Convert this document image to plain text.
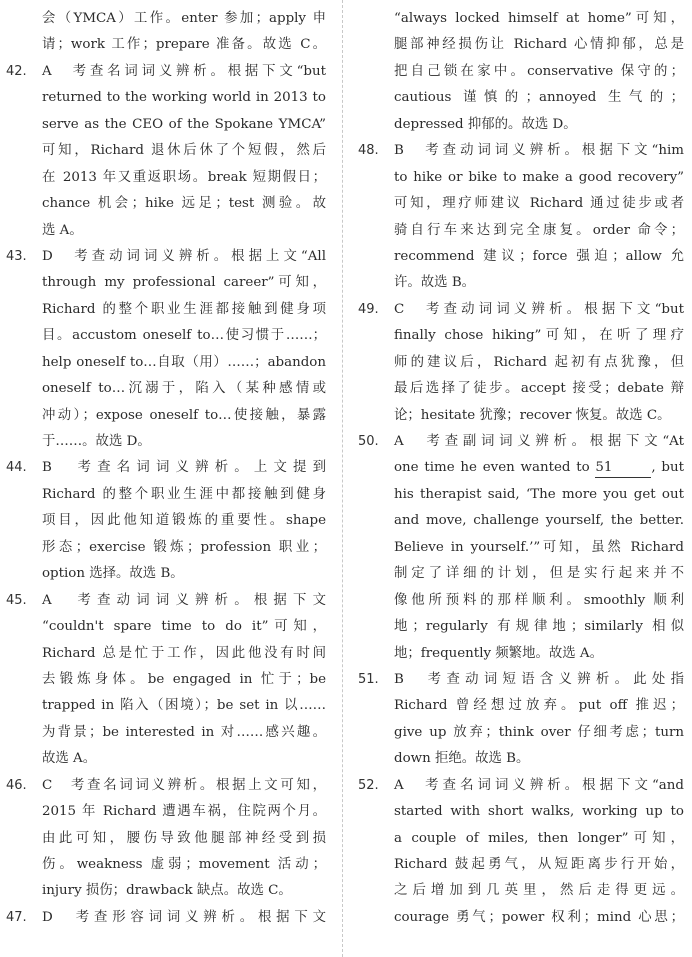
会（YMCA）工作。enter 参加；apply 申
请；work 工作；prepare 准备。故选 C。
42. A　考查名词词义辨析。根据下文“but
returned to the working world in 2013 to
serve as the CEO of the Spokane YMCA”
可知，Richard 退休后休了个短假，然后
在 2013 年又重返职场。break 短期假日；
chance 机会；hike 远足；test 测验。故
选 A。
43. D　考查动词词义辨析。根据上文“All
through my professional career”可知，
Richard 的整个职业生涯都接触到健身项
目。accustom oneself to…使习惯于……；
help oneself to…自取（用）……；abandon
oneself to…沉溺于，陷入（某种感情或
冲动）；expose oneself to…使接触，暴露
于……。故选 D。
44. B　考查名词词义辨析。上文提到
Richard 的整个职业生涯中都接触到健身
项目，因此他知道锻炼的重要性。shape
形态；exercise 锻炼；profession 职业；
option 选择。故选 B。
45. A　考查动词词义辨析。根据下文
“couldn't spare time to do it”可知，
Richard 总是忙于工作，因此他没有时间
去锻炼身体。be engaged in 忙于；be
trapped in 陷入（困境）；be set in 以……
为背景；be interested in 对……感兴趣。
故选 A。
46. C　考查名词词义辨析。根据上文可知，
2015 年 Richard 遭遇车祸，住院两个月。
由此可知，腰伤导致他腿部神经受到损
伤。weakness 虚弱；movement 活动；
injury 损伤；drawback 缺点。故选 C。
47. D　考查形容词词义辨析。根据下文
“always locked himself at home”可知，
腿部神经损伤让 Richard 心情抑郁，总是
把自己锁在家中。conservative 保守的；
cautious 谨慎的；annoyed 生气的；
depressed 抑郁的。故选 D。
48. B　考查动词词义辨析。根据下文“him
to hike or bike to make a good recovery”
可知，理疗师建议 Richard 通过徒步或者
骑自行车来达到完全康复。order 命令；
recommend 建议；force 强迫；allow 允
许。故选 B。
49. C　考查动词词义辨析。根据下文“but
finally chose hiking”可知，在听了理疗
师的建议后，Richard 起初有点犹豫，但
最后选择了徒步。accept 接受；debate 辩
论；hesitate 犹豫；recover 恢复。故选 C。
50. A　考查副词词义辨析。根据下文“At
one time he even wanted to 51	, but
his therapist said, ‘The more you get out
and move, challenge yourself, the better.
Believe in yourself.’”可知，虽然 Richard
制定了详细的计划，但是实行起来并不
像他所预料的那样顺利。smoothly 顺利
地；regularly 有规律地；similarly 相似
地；frequently 频繁地。故选 A。
51. B　考查动词短语含义辨析。此处指
Richard 曾经想过放弃。put off 推迟；
give up 放弃；think over 仔细考虑；turn
down 拒绝。故选 B。
52. A　考查名词词义辨析。根据下文“and
started with short walks, working up to
a couple of miles, then longer”可知，
Richard 鼓起勇气，从短距离步行开始，
之后增加到几英里，然后走得更远。
courage 勇气；power 权利；mind 心思；
